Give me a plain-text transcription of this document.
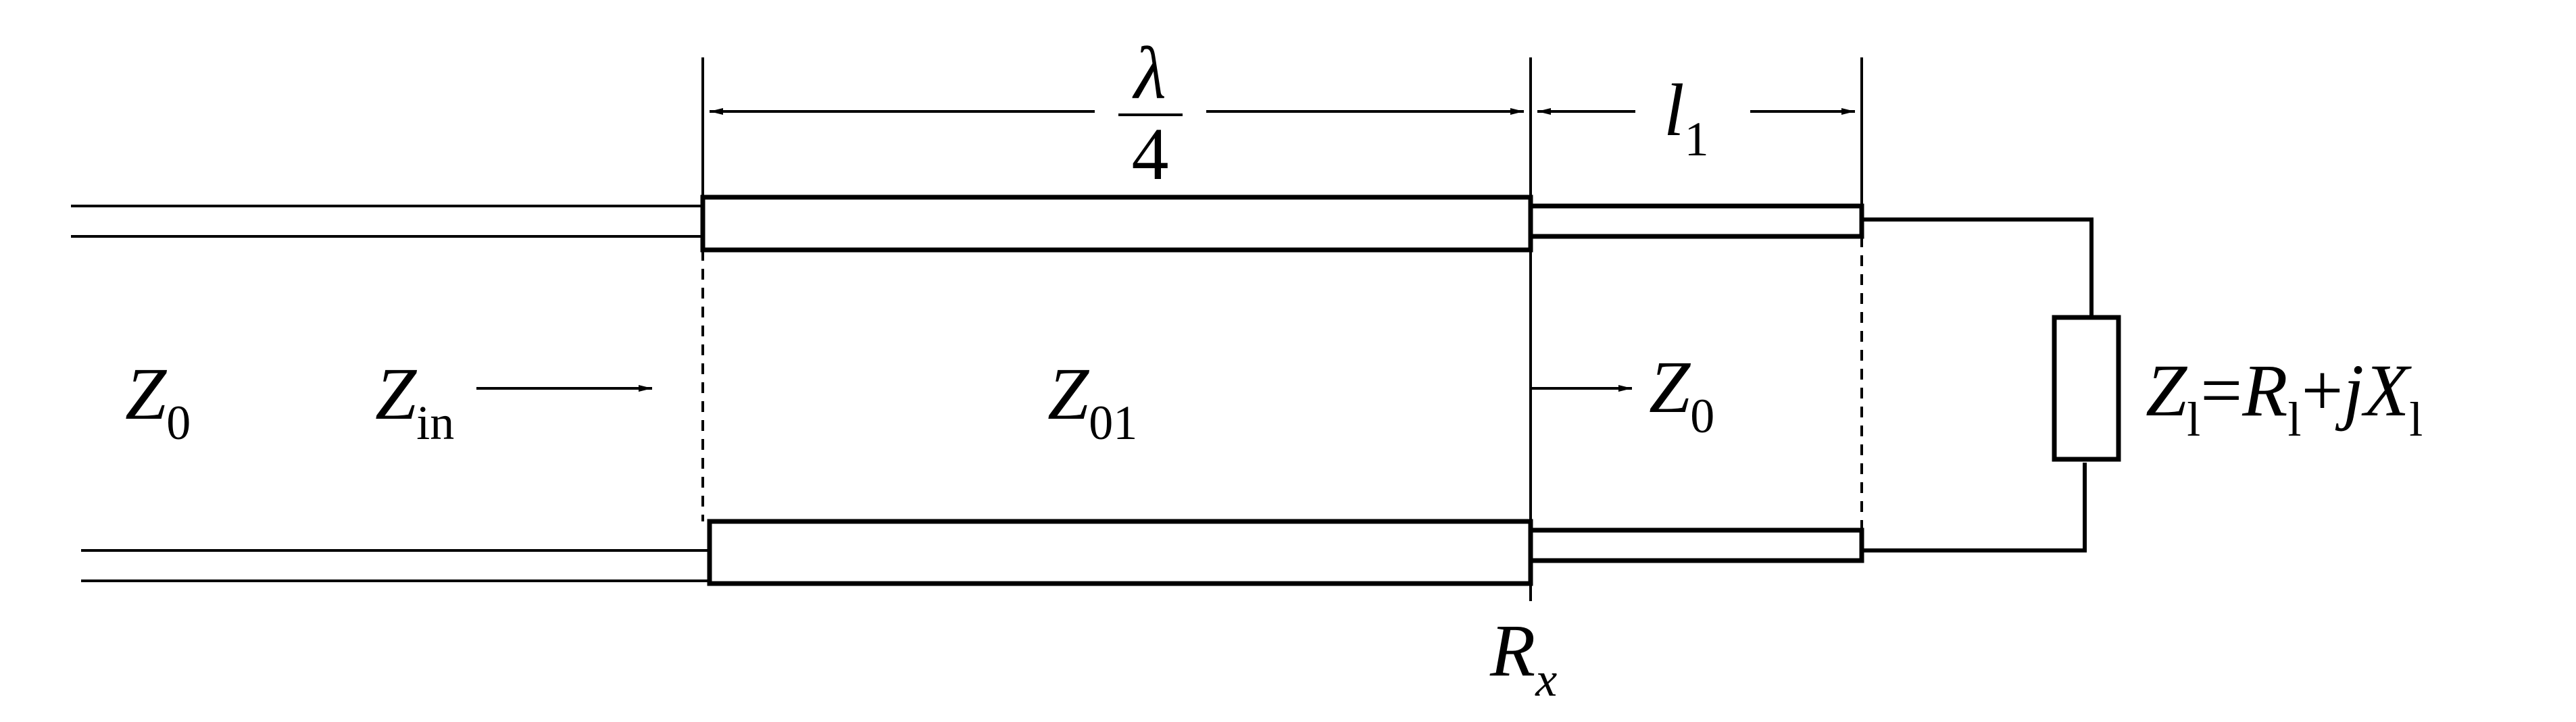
λ
4
l1
Z0 Zin	Z01	Z0
Rx
Zl=Rl+jXl
